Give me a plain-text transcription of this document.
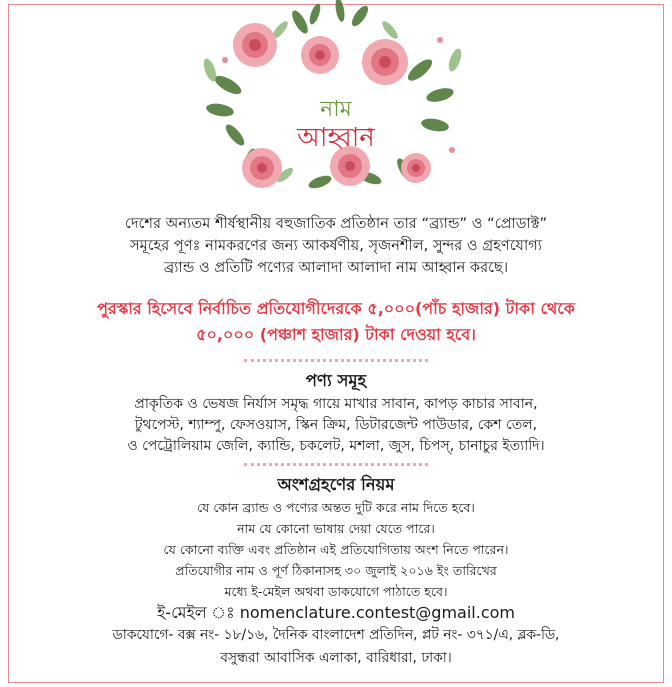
নাম
আহ্বান
দেশের অন্যতম শীর্ষস্থানীয় বহুজাতিক প্রতিষ্ঠান তার “ব্র্যান্ড” ও “প্রোডাক্ট”
সমূহের পূণঃ নামকরণের জন্য আকর্ষণীয়, সৃজনশীল, সুন্দর ও গ্রহণযোগ্য
ব্র্যান্ড ও প্রতিটি পণ্যের আলাদা আলাদা নাম আহ্বান করছে।
পুরস্কার হিসেবে নির্বাচিত প্রতিযোগীদেরকে ৫,০০০(পাঁচ হাজার) টাকা থেকে
৫০,০০০ (পঞ্চাশ হাজার) টাকা দেওয়া হবে।
পণ্য সমূহ
প্রাকৃতিক ও ভেষজ নির্যাস সমৃদ্ধ গায়ে মাখার সাবান, কাপড় কাচার সাবান,
টুথপেস্ট, শ্যাম্পু, ফেসওয়াস, স্কিন ক্রিম, ডিটারজেন্ট পাউডার, কেশ তেল,
ও পেট্রোলিয়াম জেলি, ক্যান্ডি, চকলেট, মশলা, জুস, চিপস্, চানাচুর ইত্যাদি।
অংশগ্রহণের নিয়ম
যে কোন ব্র্যান্ড ও পণ্যের অন্তত দুটি করে নাম দিতে হবে।
নাম যে কোনো ভাষায় দেয়া যেতে পারে।
যে কোনো ব্যক্তি এবং প্রতিষ্ঠান এই প্রতিযোগিতায় অংশ নিতে পারেন।
প্রতিযোগীর নাম ও পূর্ণ ঠিকানাসহ ৩০ জুলাই ২০১৬ ইং তারিখের
মধ্যে ই-মেইল অথবা ডাকযোগে পাঠাতে হবে।
ই-মেইল ঃ nomenclature.contest@gmail.com
ডাকযোগে- বক্স নং- ১৮/১৬, দৈনিক বাংলাদেশ প্রতিদিন, প্লট নং- ৩৭১/এ, ব্লক-ডি,
বসুন্ধরা আবাসিক এলাকা, বারিধারা, ঢাকা।
